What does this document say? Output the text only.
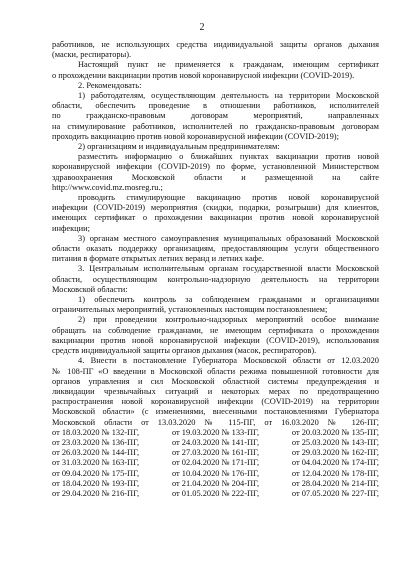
2

работников, не использующих средства индивидуальной защиты органов дыхания
(маски, респираторы).

Настоящий пункт не применяется к гражданам, имеющим сертификат
о прохождении вакцинации против новой коронавирусной инфекции (COVID-2019).

2. Рекомендовать:

1) работодателям, осуществляющим деятельность на территории Московской
области, обеспечить проведение в отношении работников, исполнителей
по гражданско-правовым договорам мероприятий, направленных
на стимулирование работников, исполнителей по гражданско-правовым договорам
проходить вакцинацию против новой коронавирусной инфекции (COVID-2019);

2) организациям и индивидуальным предпринимателям:

разместить информацию о ближайших пунктах вакцинации против новой
коронавирусной инфекции (COVID-2019) по форме, установленной Министерством
здравоохранения Московской области и размещенной на сайте
http://www.covid.mz.mosreg.ru.;

проводить стимулирующие вакцинацию против новой коронавирусной
инфекции (COVID-2019) мероприятия (скидки, подарки, розыгрыши) для клиентов,
имеющих сертификат о прохождении вакцинации против новой коронавирусной
инфекции;

3) органам местного самоуправления муниципальных образований Московской
области оказать поддержку организациям, предоставляющим услуги общественного
питания в формате открытых летних веранд и летних кафе.

3. Центральным исполнительным органам государственной власти Московской
области, осуществляющим контрольно-надзорную деятельность на территории
Московской области:

1) обеспечить контроль за соблюдением гражданами и организациями
ограничительных мероприятий, установленных настоящим постановлением;

2) при проведении контрольно-надзорных мероприятий особое внимание
обращать на соблюдение гражданами, не имеющим сертификата о прохождении
вакцинации против новой коронавирусной инфекции (COVID-2019), использования
средств индивидуальной защиты органов дыхания (масок, респираторов).

4. Внести в постановление Губернатора Московской области от 12.03.2020
№ 108-ПГ «О введении в Московской области режима повышенной готовности для
органов управления и сил Московской областной системы предупреждения и
ликвидации чрезвычайных ситуаций и некоторых мерах по предотвращению
распространения новой коронавирусной инфекции (COVID-2019) на территории
Московской области» (с изменениями, внесенными постановлениями Губернатора
Московской области от 13.03.2020 № 115-ПГ, от 16.03.2020 № 126-ПГ,

от 18.03.2020 № 132-ПГ,	от 19.03.2020 № 133-ПГ,	от 20.03.2020 № 135-ПГ,
от 23.03.2020 № 136-ПГ,	от 24.03.2020 № 141-ПГ,	от 25.03.2020 № 143-ПГ,
от 26.03.2020 № 144-ПГ,	от 27.03.2020 № 161-ПГ,	от 29.03.2020 № 162-ПГ,
от 31.03.2020 № 163-ПГ,	от 02.04.2020 № 171-ПГ,	от 04.04.2020 № 174-ПГ,
от 09.04.2020 № 175-ПГ,	от 10.04.2020 № 176-ПГ,	от 12.04.2020 № 178-ПГ,
от 18.04.2020 № 193-ПГ,	от 21.04.2020 № 204-ПГ,	от 28.04.2020 № 214-ПГ,
от 29.04.2020 № 216-ПГ,	от 01.05.2020 № 222-ПГ,	от 07.05.2020 № 227-ПГ,
